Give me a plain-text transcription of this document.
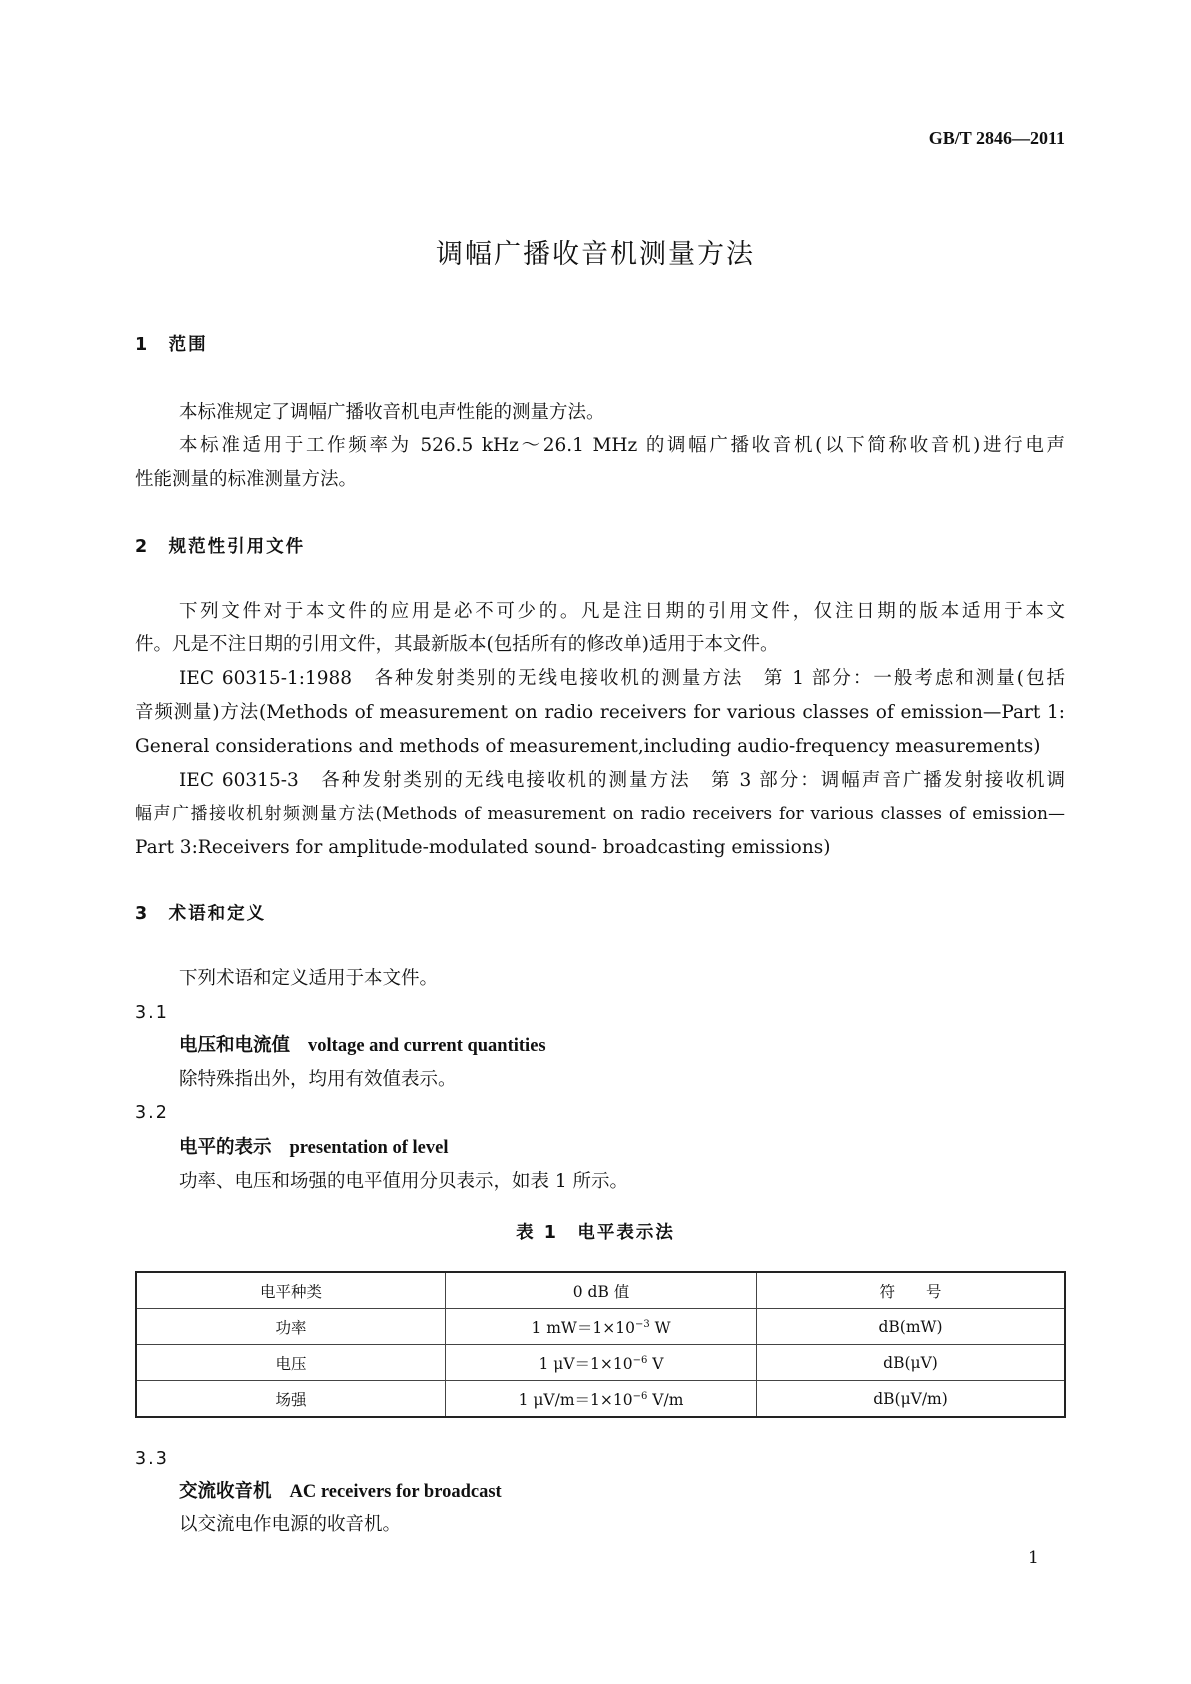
GB/T 2846—2011
调幅广播收音机测量方法
1　范围
本标准规定了调幅广播收音机电声性能的测量方法。
本标准适用于工作频率为 526.5 kHz～26.1 MHz 的调幅广播收音机(以下简称收音机)进行电声
性能测量的标准测量方法。
2　规范性引用文件
下列文件对于本文件的应用是必不可少的。凡是注日期的引用文件，仅注日期的版本适用于本文
件。凡是不注日期的引用文件，其最新版本(包括所有的修改单)适用于本文件。
IEC 60315-1:1988　各种发射类别的无线电接收机的测量方法　第 1 部分：一般考虑和测量(包括
音频测量)方法(Methods of measurement on radio receivers for various classes of emission—Part 1:
General considerations and methods of measurement,including audio-frequency measurements)
IEC 60315-3　各种发射类别的无线电接收机的测量方法　第 3 部分：调幅声音广播发射接收机调
幅声广播接收机射频测量方法(Methods of measurement on radio receivers for various classes of emission—
Part 3:Receivers for amplitude-modulated sound- broadcasting emissions)
3　术语和定义
下列术语和定义适用于本文件。
3.1
电压和电流值 voltage and current quantities
除特殊指出外，均用有效值表示。
3.2
电平的表示 presentation of level
功率、电压和场强的电平值用分贝表示，如表 1 所示。
表 1　电平表示法
电平种类	0 dB 值	符　　号
功率	1 $mW=1\times 10^{-3}$ W	dB(mW)
电压	1 $\mu V=1\times 10^{-6}$ V	dB(μV)
场强	1 $\mu V/m=1\times 10^{-6}$ V/m	dB(μV/m)
3.3
交流收音机 AC receivers for broadcast
以交流电作电源的收音机。
1
